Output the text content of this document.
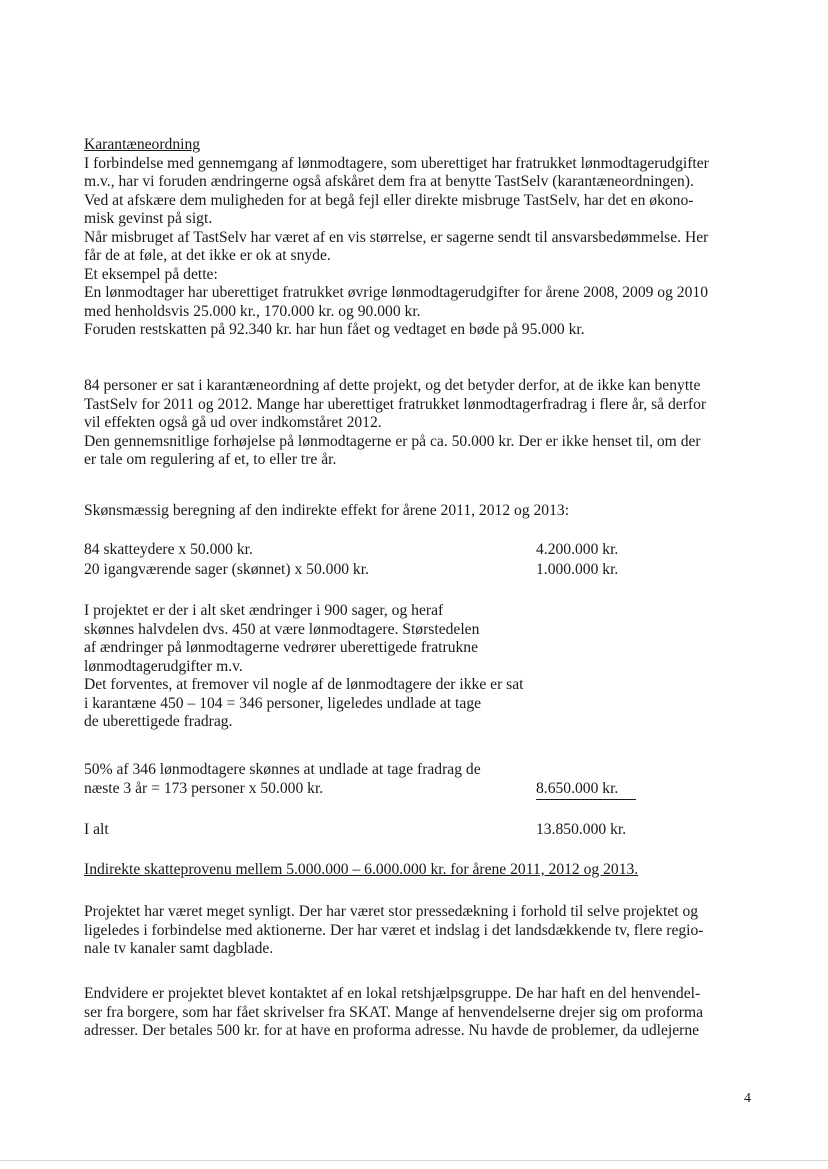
Karantæneordning

I forbindelse med gennemgang af lønmodtagere, som uberettiget har fratrukket lønmodtagerudgifter

m.v., har vi foruden ændringerne også afskåret dem fra at benytte TastSelv (karantæneordningen).

Ved at afskære dem muligheden for at begå fejl eller direkte misbruge TastSelv, har det en økono-

misk gevinst på sigt.

Når misbruget af TastSelv har været af en vis størrelse, er sagerne sendt til ansvarsbedømmelse. Her

får de at føle, at det ikke er ok at snyde.

Et eksempel på dette:

En lønmodtager har uberettiget fratrukket øvrige lønmodtagerudgifter for årene 2008, 2009 og 2010

med henholdsvis 25.000 kr., 170.000 kr. og 90.000 kr.

Foruden restskatten på 92.340 kr. har hun fået og vedtaget en bøde på 95.000 kr.

84 personer er sat i karantæneordning af dette projekt, og det betyder derfor, at de ikke kan benytte

TastSelv for 2011 og 2012. Mange har uberettiget fratrukket lønmodtagerfradrag i flere år, så derfor

vil effekten også gå ud over indkomståret 2012.

Den gennemsnitlige forhøjelse på lønmodtagerne er på ca. 50.000 kr. Der er ikke henset til, om der

er tale om regulering af et, to eller tre år.

Skønsmæssig beregning af den indirekte effekt for årene 2011, 2012 og 2013:

84 skatteydere x 50.000 kr.	4.200.000 kr.
20 igangværende sager (skønnet) x 50.000 kr.	1.000.000 kr.

I projektet er der i alt sket ændringer i 900 sager, og heraf

skønnes halvdelen dvs. 450 at være lønmodtagere. Størstedelen

af ændringer på lønmodtagerne vedrører uberettigede fratrukne

lønmodtagerudgifter m.v.

Det forventes, at fremover vil nogle af de lønmodtagere der ikke er sat

i karantæne 450 – 104 = 346 personer, ligeledes undlade at tage

de uberettigede fradrag.

50% af 346 lønmodtagere skønnes at undlade at tage fradrag de

næste 3 år = 173 personer x 50.000 kr.	8.650.000 kr.
I alt	13.850.000 kr.

Indirekte skatteprovenu mellem 5.000.000 – 6.000.000 kr. for årene 2011, 2012 og 2013.

Projektet har været meget synligt. Der har været stor pressedækning i forhold til selve projektet og

ligeledes i forbindelse med aktionerne. Der har været et indslag i det landsdækkende tv, flere regio-

nale tv kanaler samt dagblade.

Endvidere er projektet blevet kontaktet af en lokal retshjælpsgruppe. De har haft en del henvendel-

ser fra borgere, som har fået skrivelser fra SKAT. Mange af henvendelserne drejer sig om proforma

adresser. Der betales 500 kr. for at have en proforma adresse. Nu havde de problemer, da udlejerne

4
